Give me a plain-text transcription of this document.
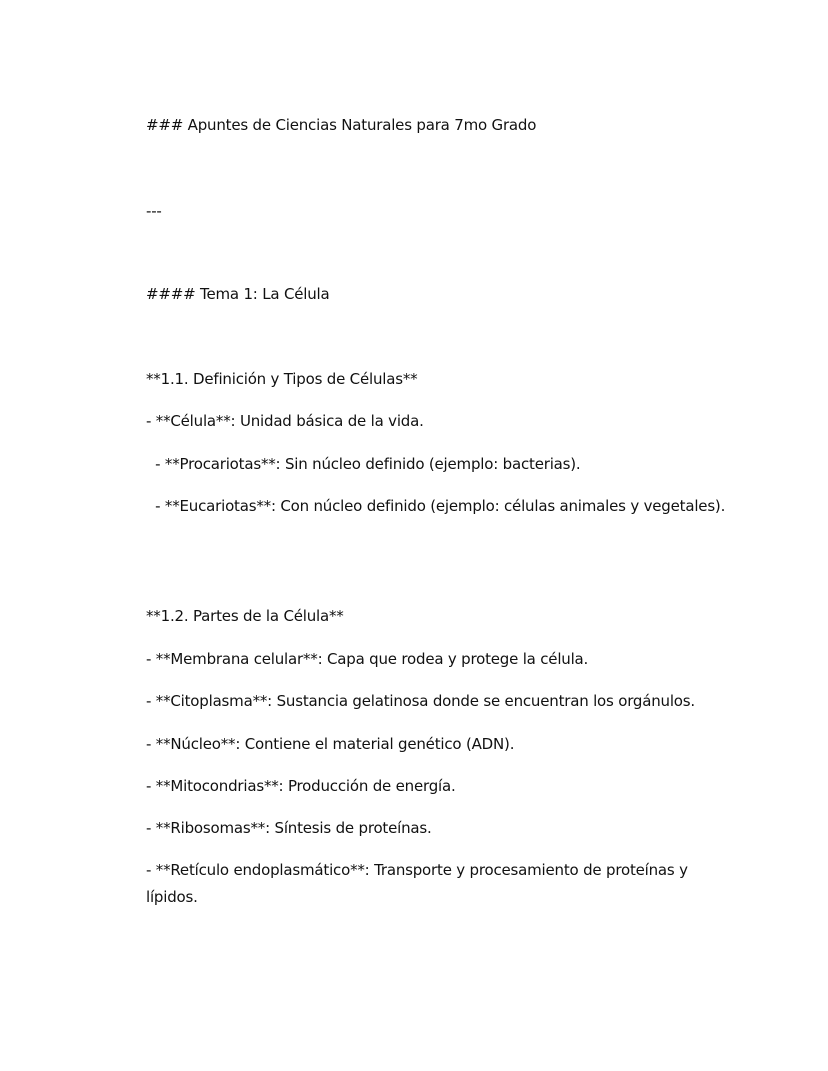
### Apuntes de Ciencias Naturales para 7mo Grado
---
#### Tema 1: La Célula
**1.1. Definición y Tipos de Células**
- **Célula**: Unidad básica de la vida.
- **Procariotas**: Sin núcleo definido (ejemplo: bacterias).
- **Eucariotas**: Con núcleo definido (ejemplo: células animales y vegetales).
**1.2. Partes de la Célula**
- **Membrana celular**: Capa que rodea y protege la célula.
- **Citoplasma**: Sustancia gelatinosa donde se encuentran los orgánulos.
- **Núcleo**: Contiene el material genético (ADN).
- **Mitocondrias**: Producción de energía.
- **Ribosomas**: Síntesis de proteínas.
- **Retículo endoplasmático**: Transporte y procesamiento de proteínas y lípidos.
